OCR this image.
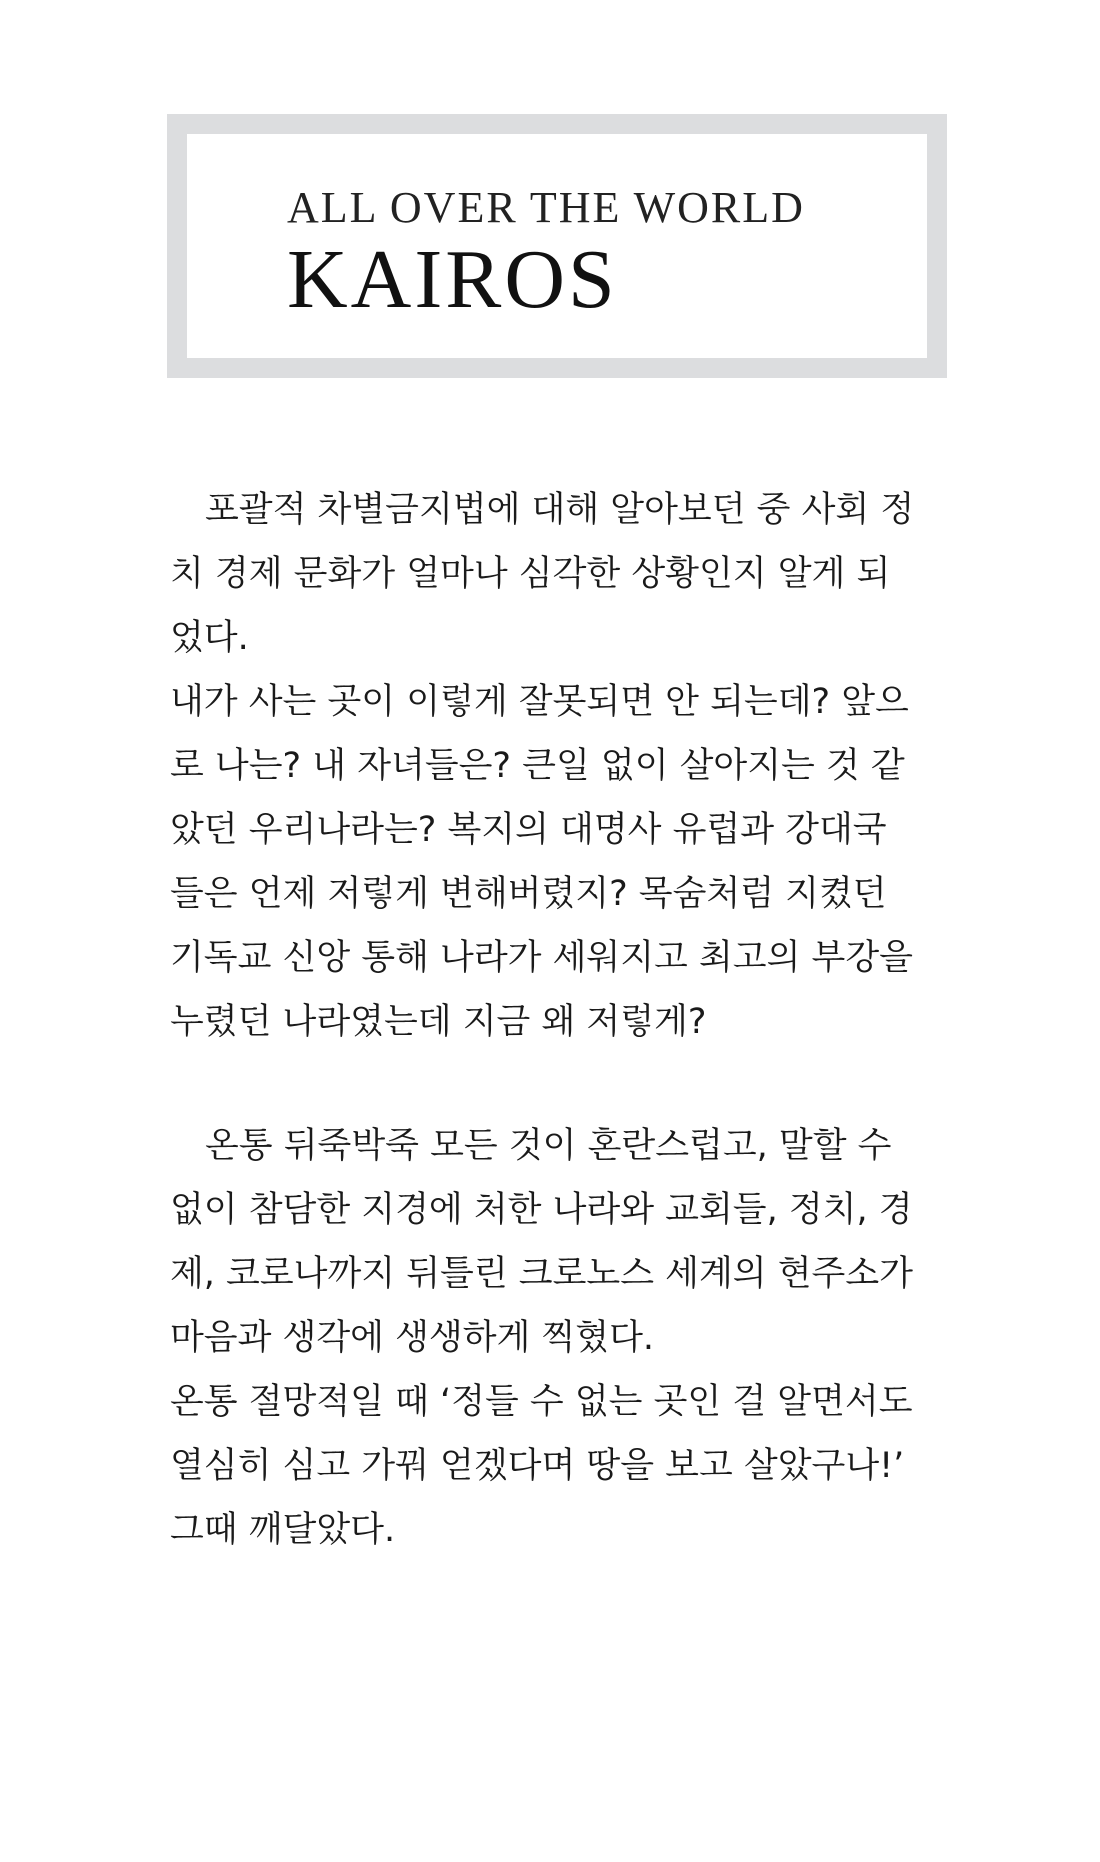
ALL OVER THE WORLD
KAIROS
포괄적 차별금지법에 대해 알아보던 중 사회 정
치 경제 문화가 얼마나 심각한 상황인지 알게 되
었다.
내가 사는 곳이 이렇게 잘못되면 안 되는데? 앞으
로 나는? 내 자녀들은? 큰일 없이 살아지는 것 같
았던 우리나라는? 복지의 대명사 유럽과 강대국
들은 언제 저렇게 변해버렸지? 목숨처럼 지켰던
기독교 신앙 통해 나라가 세워지고 최고의 부강을
누렸던 나라였는데 지금 왜 저렇게?
온통 뒤죽박죽 모든 것이 혼란스럽고, 말할 수
없이 참담한 지경에 처한 나라와 교회들, 정치, 경
제, 코로나까지 뒤틀린 크로노스 세계의 현주소가
마음과 생각에 생생하게 찍혔다.
온통 절망적일 때 ‘정들 수 없는 곳인 걸 알면서도
열심히 심고 가꿔 얻겠다며 땅을 보고 살았구나!’
그때 깨달았다.
